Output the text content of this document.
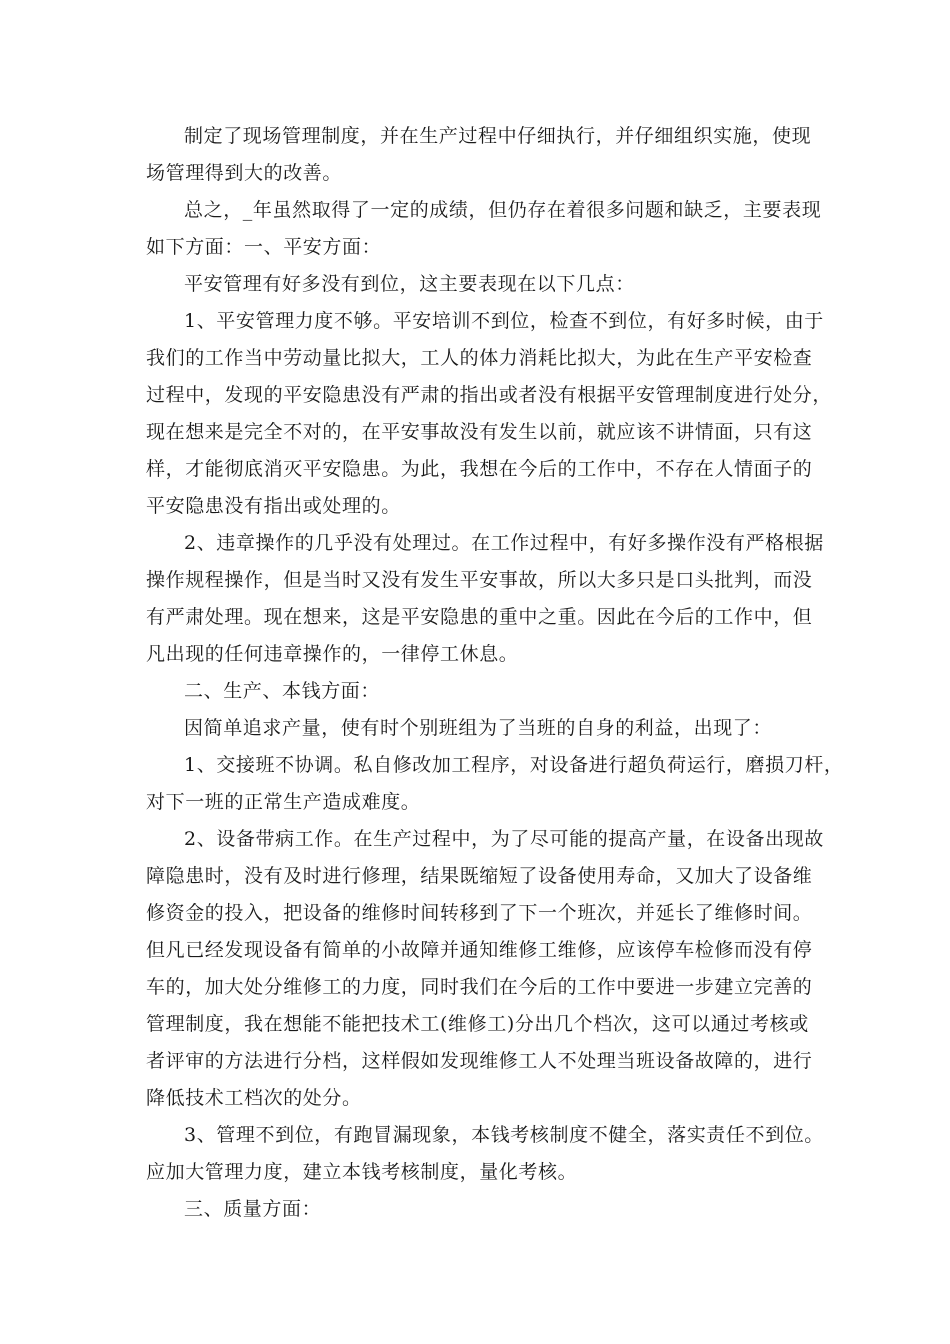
制定了现场管理制度，并在生产过程中仔细执行，并仔细组织实施，使现
场管理得到大的改善。
总之，_年虽然取得了一定的成绩，但仍存在着很多问题和缺乏，主要表现
如下方面：一、平安方面：
平安管理有好多没有到位，这主要表现在以下几点：
1、平安管理力度不够。平安培训不到位，检查不到位，有好多时候，由于
我们的工作当中劳动量比拟大，工人的体力消耗比拟大，为此在生产平安检查
过程中，发现的平安隐患没有严肃的指出或者没有根据平安管理制度进行处分，
现在想来是完全不对的，在平安事故没有发生以前，就应该不讲情面，只有这
样，才能彻底消灭平安隐患。为此，我想在今后的工作中，不存在人情面子的
平安隐患没有指出或处理的。
2、违章操作的几乎没有处理过。在工作过程中，有好多操作没有严格根据
操作规程操作，但是当时又没有发生平安事故，所以大多只是口头批判，而没
有严肃处理。现在想来，这是平安隐患的重中之重。因此在今后的工作中，但
凡出现的任何违章操作的，一律停工休息。
二、生产、本钱方面：
因简单追求产量，使有时个别班组为了当班的自身的利益，出现了：
1、交接班不协调。私自修改加工程序，对设备进行超负荷运行，磨损刀杆，
对下一班的正常生产造成难度。
2、设备带病工作。在生产过程中，为了尽可能的提高产量，在设备出现故
障隐患时，没有及时进行修理，结果既缩短了设备使用寿命，又加大了设备维
修资金的投入，把设备的维修时间转移到了下一个班次，并延长了维修时间。
但凡已经发现设备有简单的小故障并通知维修工维修，应该停车检修而没有停
车的，加大处分维修工的力度，同时我们在今后的工作中要进一步建立完善的
管理制度，我在想能不能把技术工(维修工)分出几个档次，这可以通过考核或
者评审的方法进行分档，这样假如发现维修工人不处理当班设备故障的，进行
降低技术工档次的处分。
3、管理不到位，有跑冒漏现象，本钱考核制度不健全，落实责任不到位。
应加大管理力度，建立本钱考核制度，量化考核。
三、质量方面：
